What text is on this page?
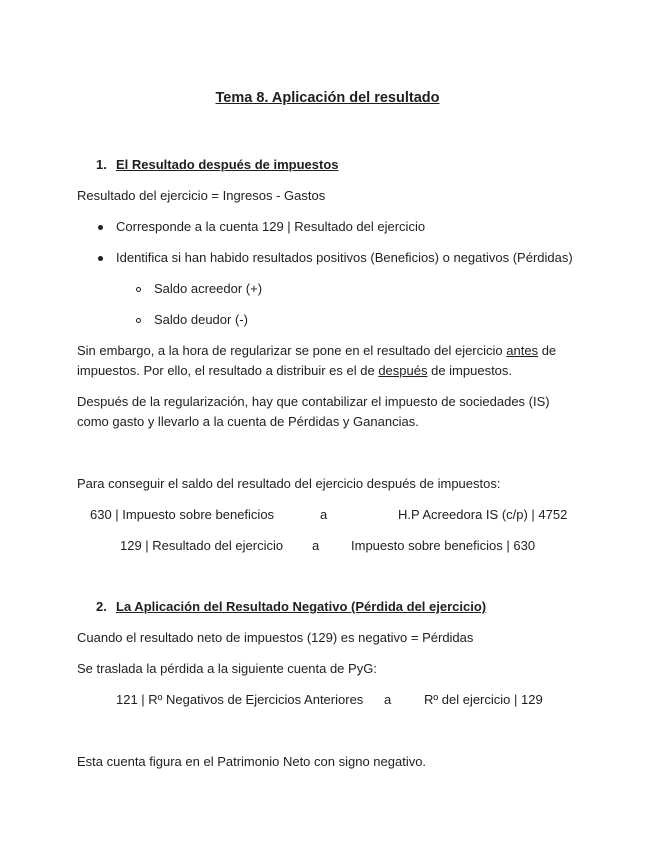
Tema 8. Aplicación del resultado
1. El Resultado después de impuestos
Resultado del ejercicio = Ingresos - Gastos
Corresponde a la cuenta 129 | Resultado del ejercicio
Identifica si han habido resultados positivos (Beneficios) o negativos (Pérdidas)
Saldo acreedor (+)
Saldo deudor (-)
Sin embargo, a la hora de regularizar se pone en el resultado del ejercicio antes de impuestos. Por ello, el resultado a distribuir es el de después de impuestos.
Después de la regularización, hay que contabilizar el impuesto de sociedades (IS) como gasto y llevarlo a la cuenta de Pérdidas y Ganancias.
Para conseguir el saldo del resultado del ejercicio después de impuestos:
630 | Impuesto sobre beneficios	a	H.P Acreedora IS (c/p) | 4752
129 | Resultado del ejercicio a Impuesto sobre beneficios | 630
2. La Aplicación del Resultado Negativo (Pérdida del ejercicio)
Cuando el resultado neto de impuestos (129) es negativo = Pérdidas
Se traslada la pérdida a la siguiente cuenta de PyG:
121 | Rº Negativos de Ejercicios Anteriores a	Rº del ejercicio | 129
Esta cuenta figura en el Patrimonio Neto con signo negativo.
